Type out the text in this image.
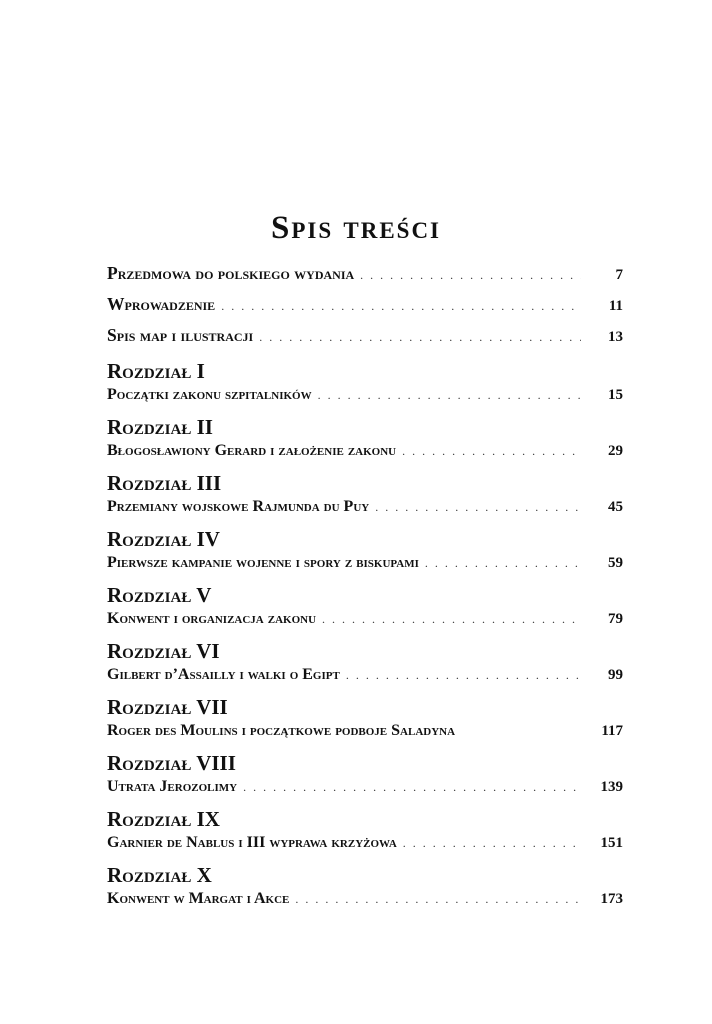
Spis treści
Przedmowa do polskiego wydania . . .	7
Wprowadzenie . . .	11
Spis map i ilustracji . . .	13
Rozdział I
Początki zakonu szpitalników . . .	15
Rozdział II
Błogosławiony Gerard i założenie zakonu . . .	29
Rozdział III
Przemiany wojskowe Rajmunda du Puy . . .	45
Rozdział IV
Pierwsze kampanie wojenne i spory z biskupami . . .	59
Rozdział V
Konwent i organizacja zakonu . . .	79
Rozdział VI
Gilbert d’Assailly i walki o Egipt . . .	99
Rozdział VII
Roger des Moulins i początkowe podboje Saladyna	117
Rozdział VIII
Utrata Jerozolimy . . .	139
Rozdział IX
Garnier de Nablus i III wyprawa krzyżowa . . .	151
Rozdział X
Konwent w Margat i Akce . . .	173
